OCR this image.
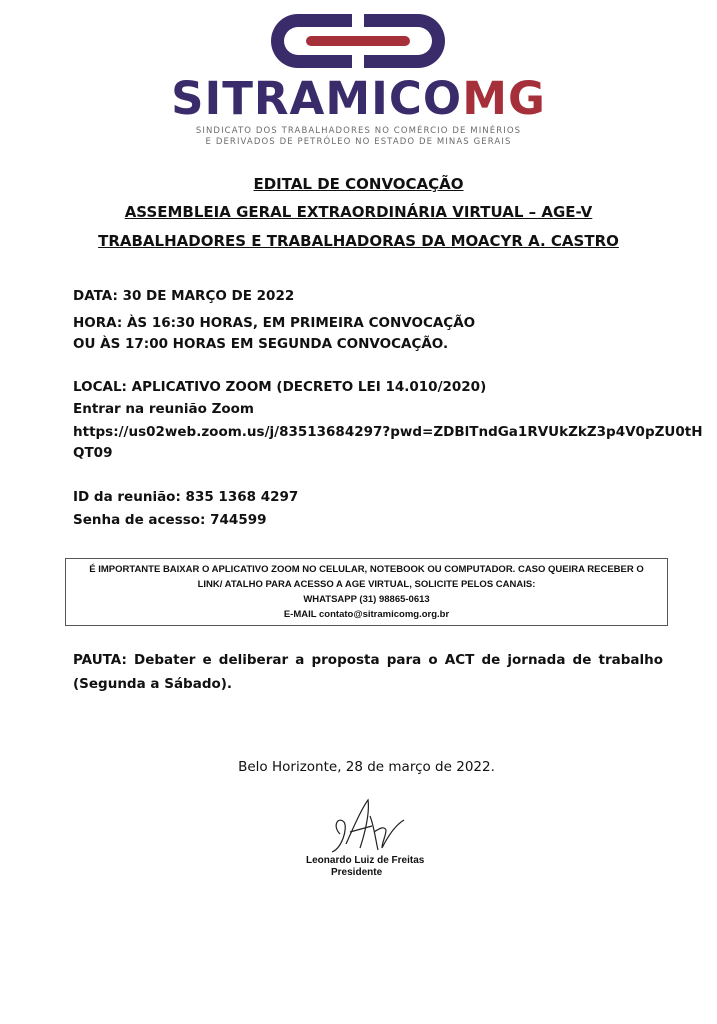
SITRAMICOMG
SINDICATO DOS TRABALHADORES NO COMÉRCIO DE MINÉRIOS
E DERIVADOS DE PETRÓLEO NO ESTADO DE MINAS GERAIS
EDITAL DE CONVOCAÇÃO
ASSEMBLEIA GERAL EXTRAORDINÁRIA VIRTUAL – AGE-V
TRABALHADORES E TRABALHADORAS DA MOACYR A. CASTRO
DATA: 30 DE MARÇO DE 2022
HORA: ÀS 16:30 HORAS, EM PRIMEIRA CONVOCAÇÃO
OU ÀS 17:00 HORAS EM SEGUNDA CONVOCAÇÃO.
LOCAL: APLICATIVO ZOOM (DECRETO LEI 14.010/2020)
Entrar na reunião Zoom
https://us02web.zoom.us/j/83513684297?pwd=ZDBlTndGa1RVUkZkZ3p4V0pZU0tH
QT09
ID da reunião: 835 1368 4297
Senha de acesso: 744599
É IMPORTANTE BAIXAR O APLICATIVO ZOOM NO CELULAR, NOTEBOOK OU COMPUTADOR. CASO QUEIRA RECEBER O
LINK/ ATALHO PARA ACESSO A AGE VIRTUAL, SOLICITE PELOS CANAIS:
WHATSAPP (31) 98865-0613
E-MAIL contato@sitramicomg.org.br
PAUTA: Debater e deliberar a proposta para o ACT de jornada de trabalho (Segunda a Sábado).
Belo Horizonte, 28 de março de 2022.
Leonardo Luiz de Freitas
Presidente
